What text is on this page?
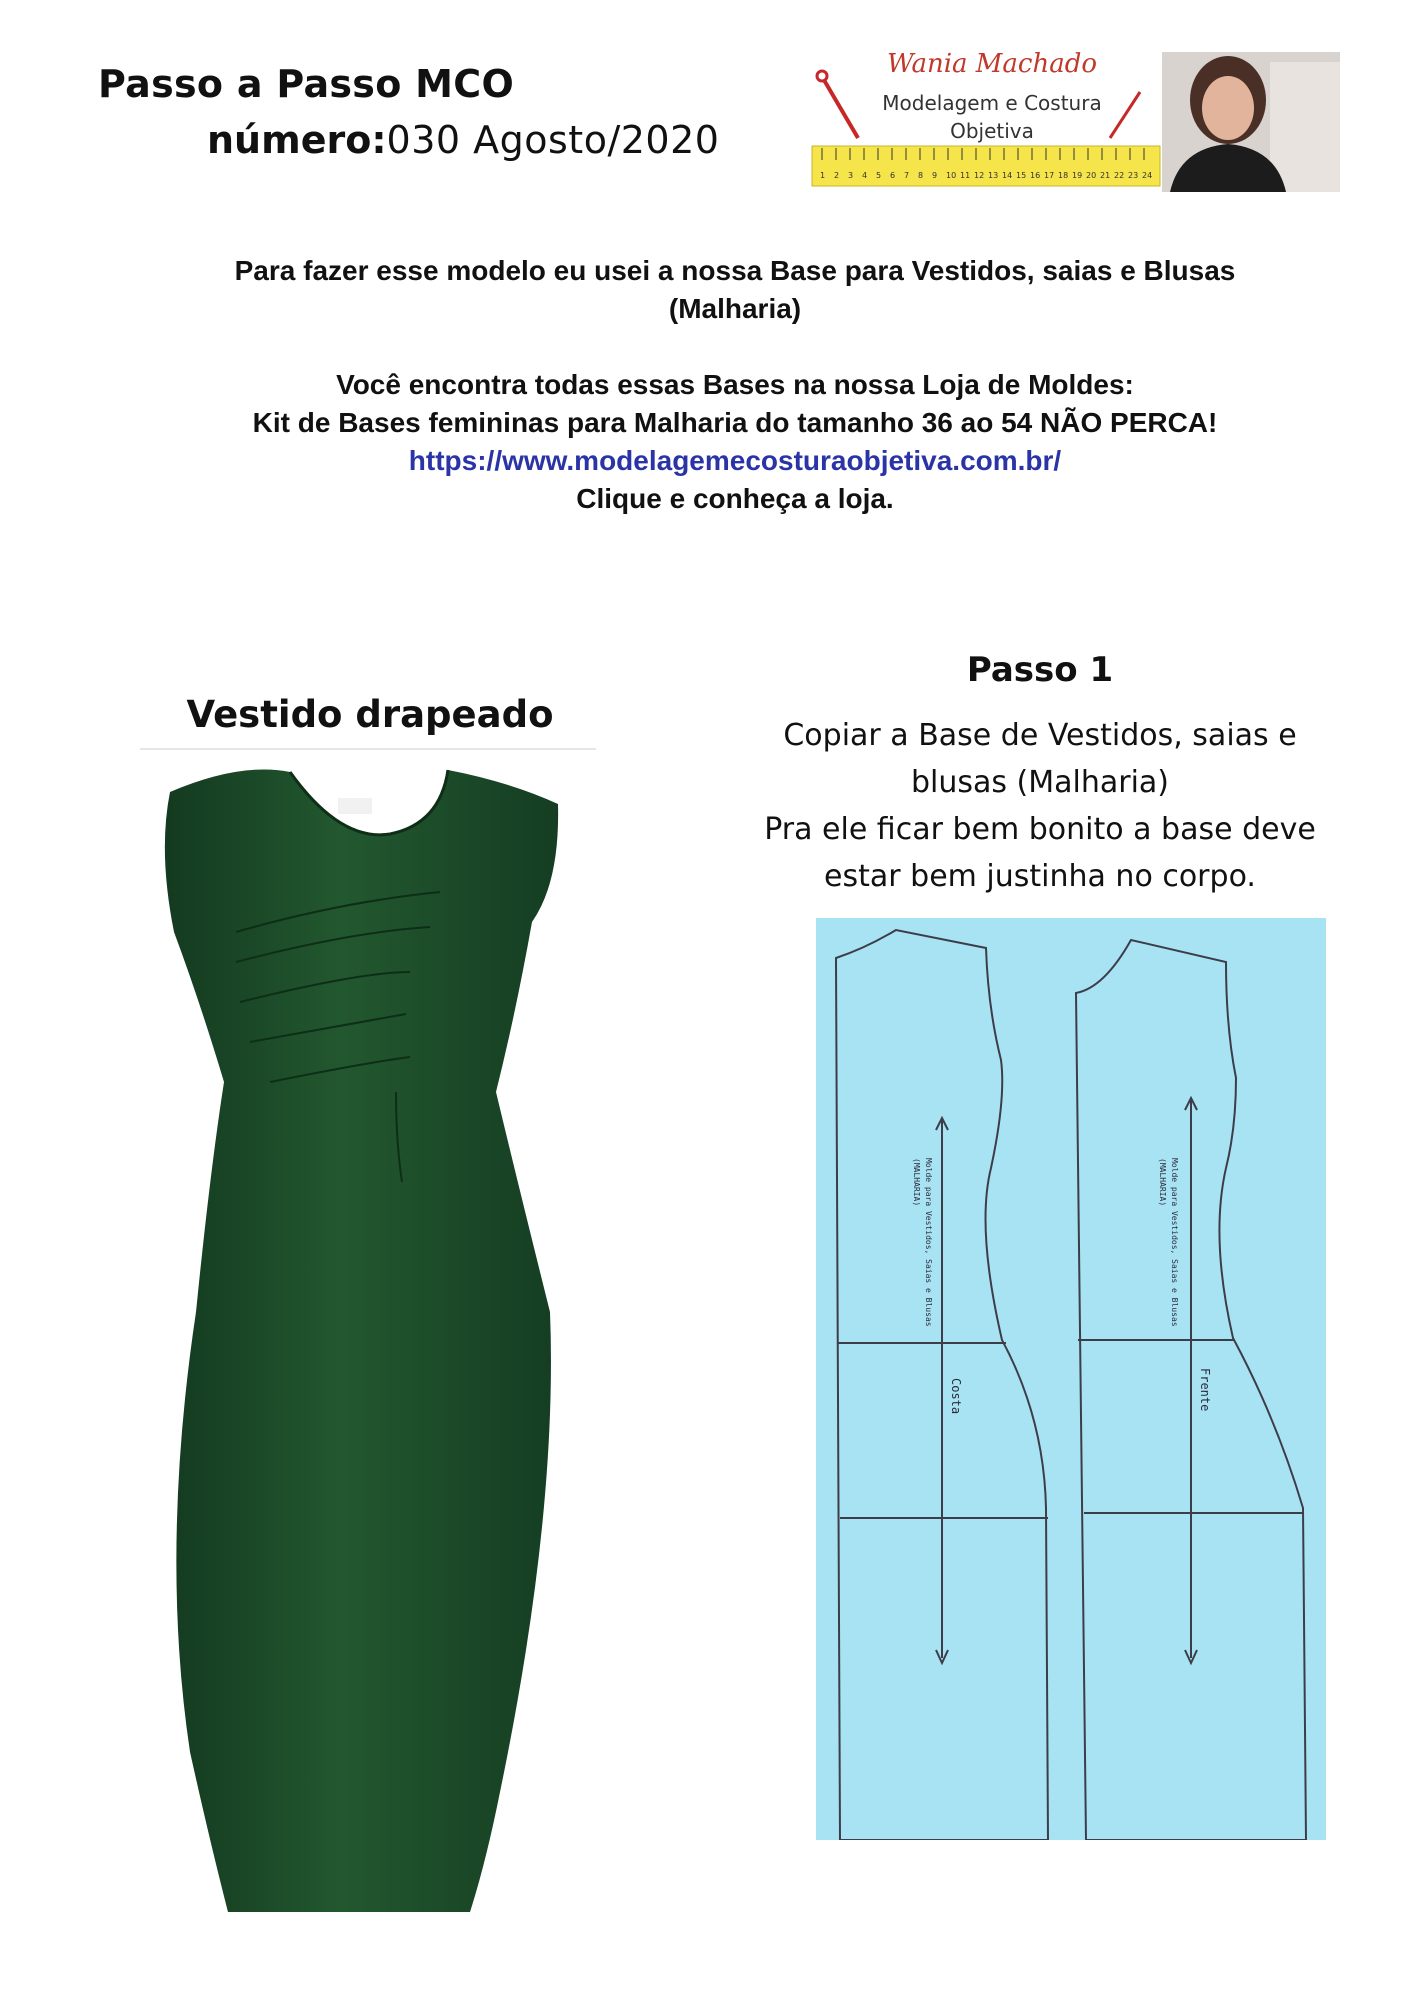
Passo a Passo MCO
número:030 Agosto/2020
Wania Machado
Modelagem e Costura
Objetiva
1 2 3 4 5 6 7 8 9 10 11 12 13 14 15 16 17 18 19 20 21 22 23 24
Para fazer esse modelo eu usei a nossa Base para Vestidos, saias e Blusas
(Malharia)
Você encontra todas essas Bases na nossa Loja de Moldes:
Kit de Bases femininas para Malharia do tamanho 36 ao 54 NÃO PERCA!
https://www.modelagemecosturaobjetiva.com.br/
Clique e conheça a loja.
Vestido drapeado
Passo 1
Copiar a Base de Vestidos, saias e
blusas (Malharia)
Pra ele ficar bem bonito a base deve
estar bem justinha no corpo.
Costa	Frente
Molde para Vestidos, Saias e Blusas
(MALHARIA)	Molde para Vestidos, Saias e Blusas
(MALHARIA)
